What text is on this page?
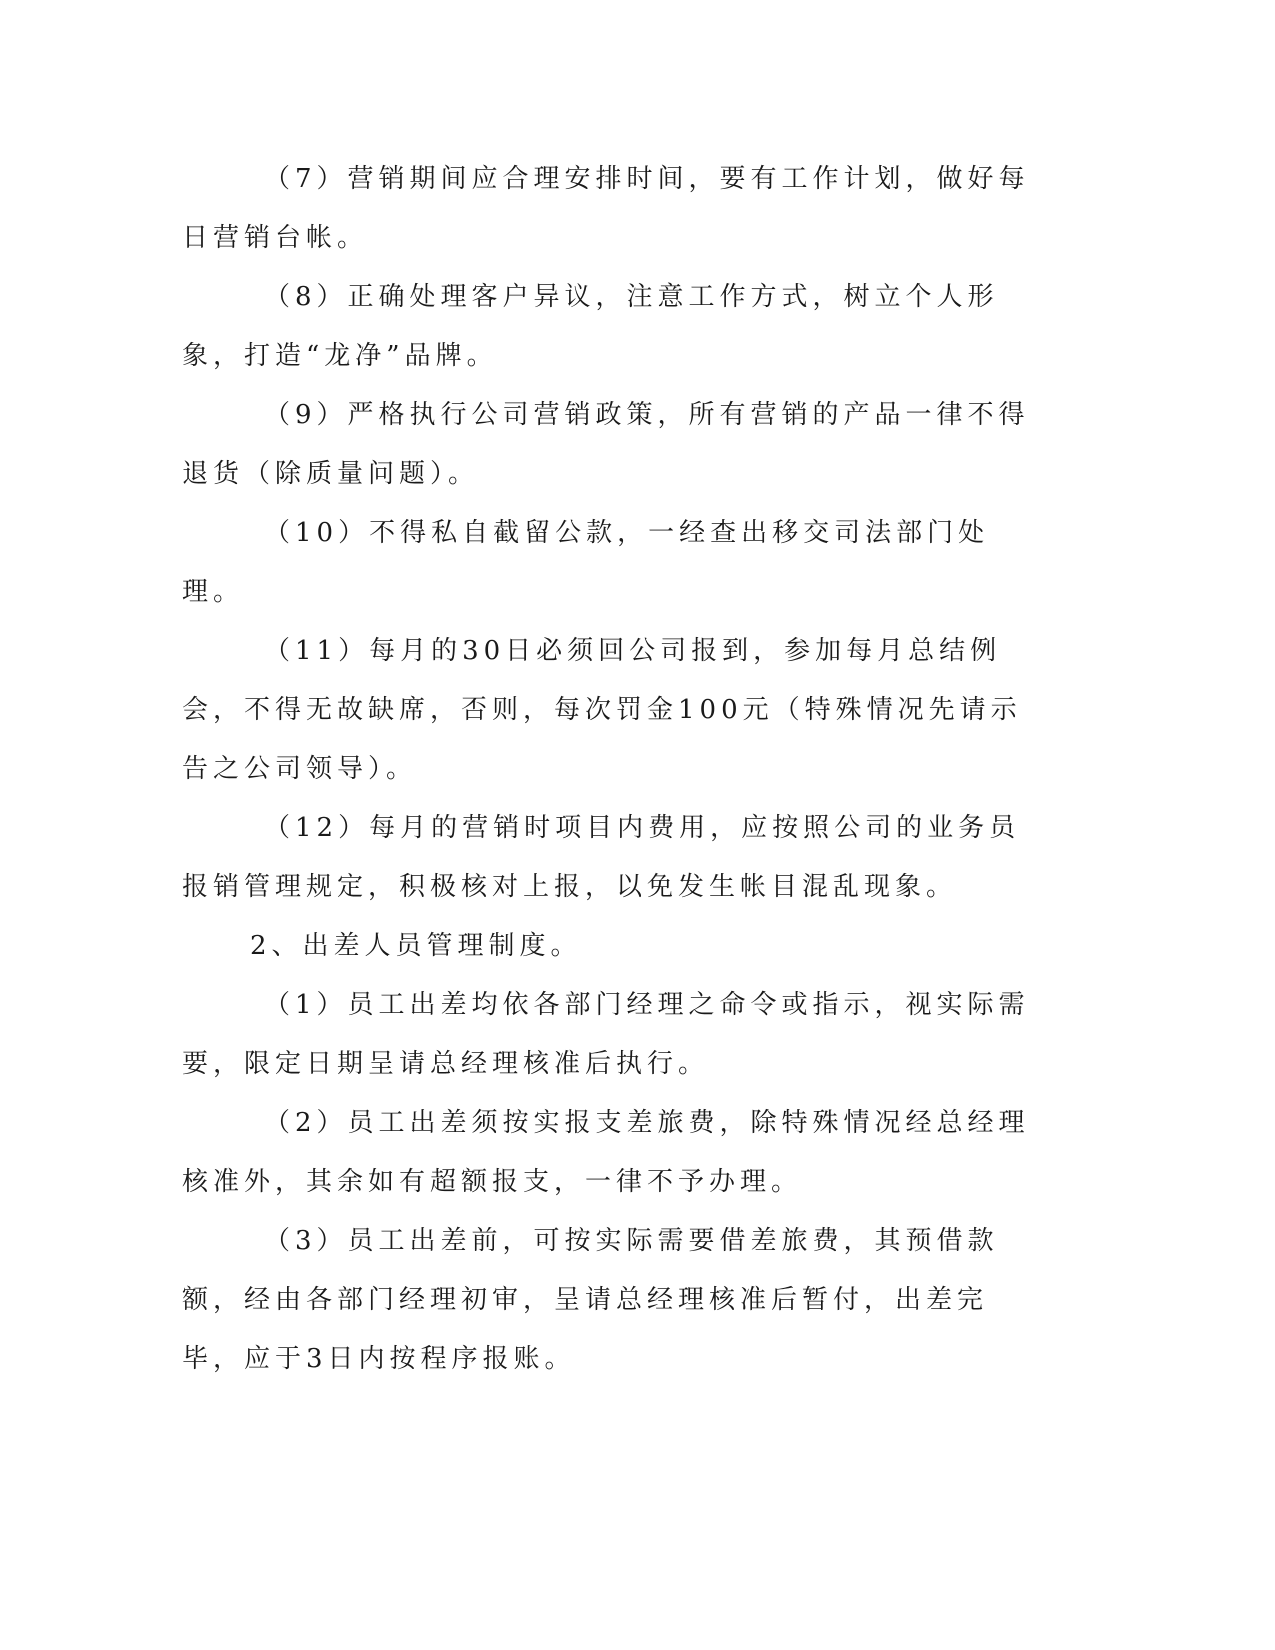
（7）营销期间应合理安排时间，要有工作计划，做好每日营销台帐。

（8）正确处理客户异议，注意工作方式，树立个人形象，打造“龙净”品牌。

（9）严格执行公司营销政策，所有营销的产品一律不得退货（除质量问题）。

（10）不得私自截留公款，一经查出移交司法部门处理。

（11）每月的30日必须回公司报到，参加每月总结例会，不得无故缺席，否则，每次罚金100元（特殊情况先请示告之公司领导）。

（12）每月的营销时项目内费用，应按照公司的业务员报销管理规定，积极核对上报，以免发生帐目混乱现象。

2、出差人员管理制度。

（1）员工出差均依各部门经理之命令或指示，视实际需要，限定日期呈请总经理核准后执行。

（2）员工出差须按实报支差旅费，除特殊情况经总经理核准外，其余如有超额报支，一律不予办理。

（3）员工出差前，可按实际需要借差旅费，其预借款额，经由各部门经理初审，呈请总经理核准后暂付，出差完毕，应于3日内按程序报账。
